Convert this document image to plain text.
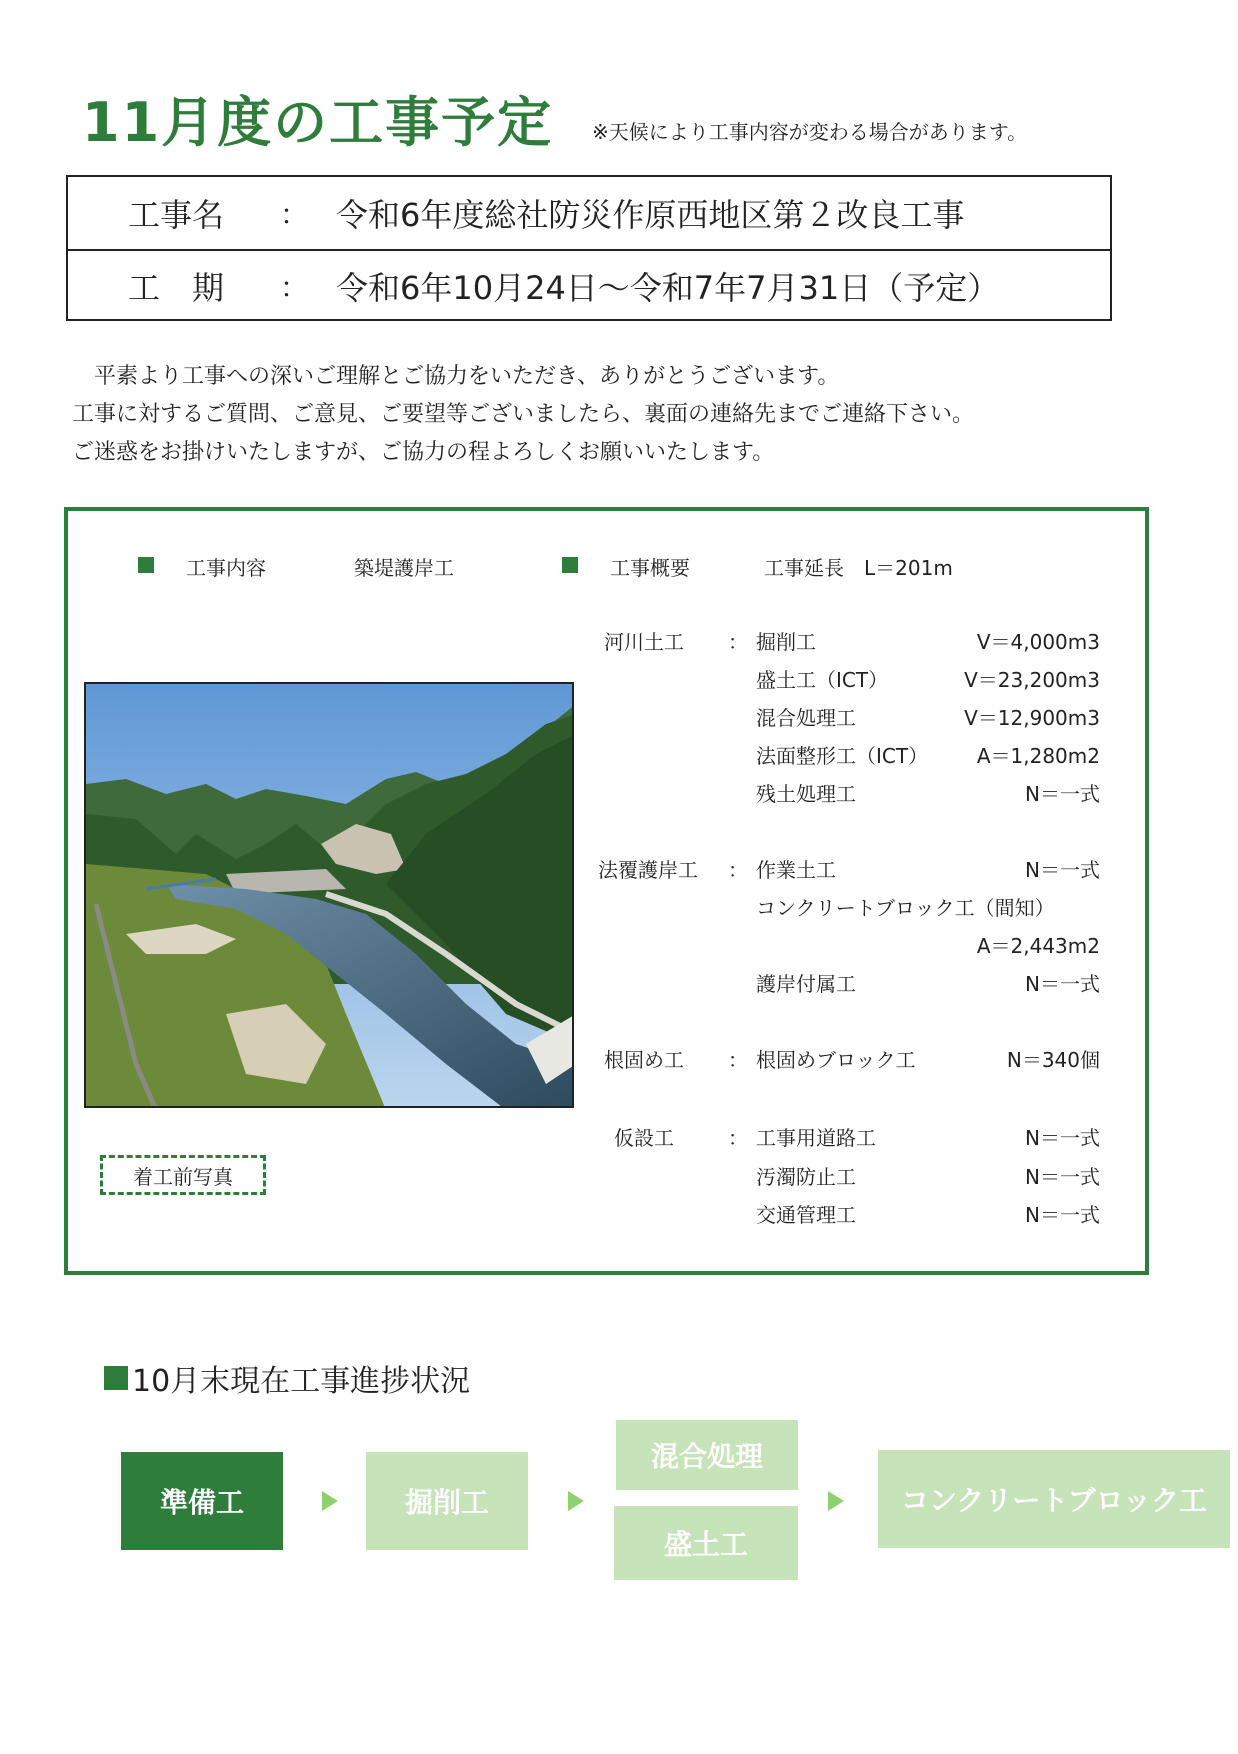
11月度の工事予定 ※天候により工事内容が変わる場合があります。
工事名 ： 令和6年度総社防災作原西地区第２改良工事
工　期 ： 令和6年10月24日～令和7年7月31日（予定）
　平素より工事への深いご理解とご協力をいただき、ありがとうございます。
工事に対するご質問、ご意見、ご要望等ございましたら、裏面の連絡先までご連絡下さい。
ご迷惑をお掛けいたしますが、ご協力の程よろしくお願いいたします。
工事内容	築堤護岸工	工事概要	工事延長　L＝201m
河川土工 ： 掘削工	V＝4,000m3
盛土工（ICT）	V＝23,200m3
混合処理工	V＝12,900m3
法面整形工（ICT） A＝1,280m2
残土処理工	N＝一式
法覆護岸工 ： 作業土工	N＝一式
コンクリートブロック工（間知）
A＝2,443m2
護岸付属工	N＝一式
根固め工 ： 根固めブロック工	N＝340個
仮設工	： 工事用道路工	N＝一式
汚濁防止工	N＝一式
交通管理工	N＝一式
着工前写真
10月末現在工事進捗状況
準備工	掘削工
混合処理
盛土工
コンクリートブロック工
